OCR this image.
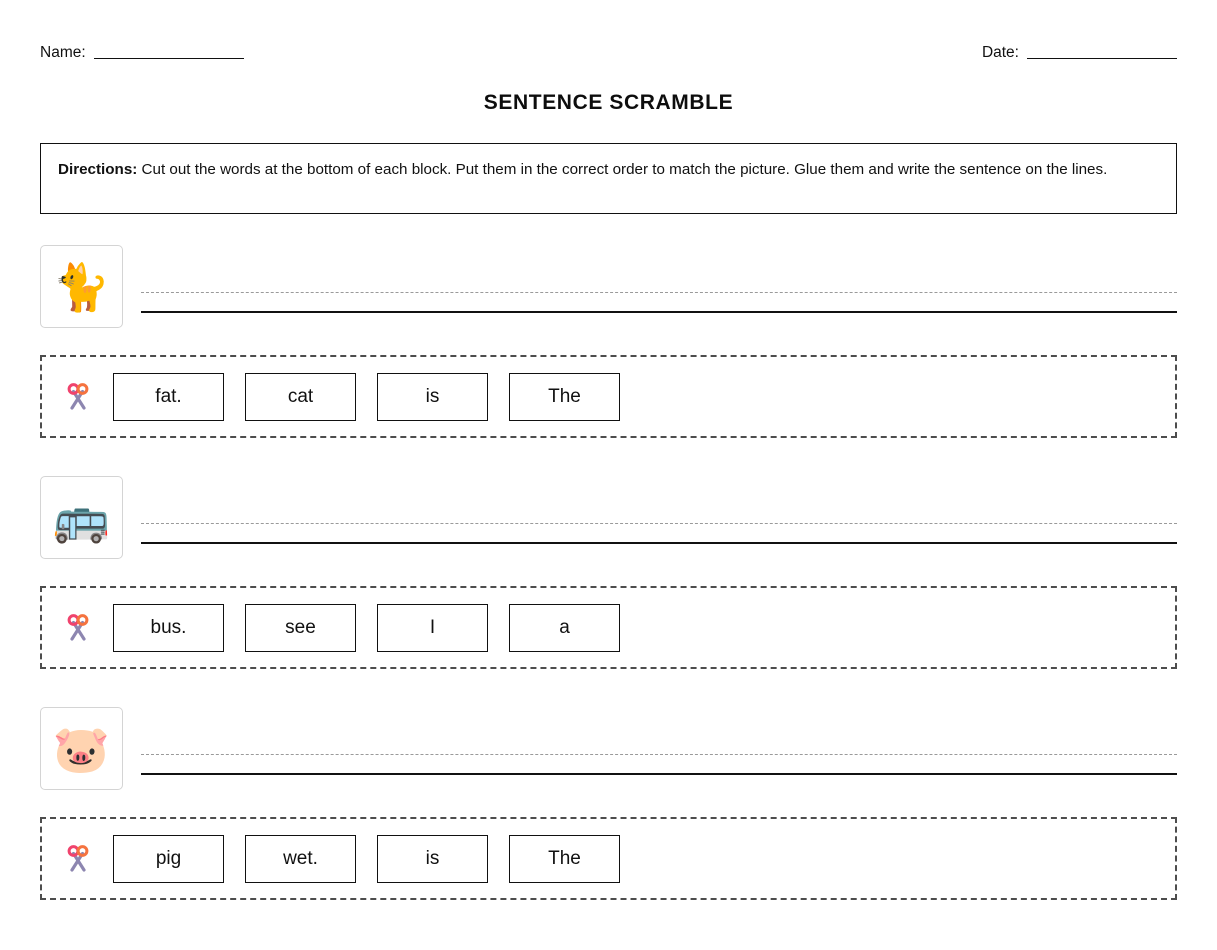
Name:	Date:
SENTENCE SCRAMBLE
Directions: Cut out the words at the bottom of each block. Put them in the correct order to match the picture. Glue them and write the sentence on the lines.
🐈
fat.	cat	is	The
🚌
bus.	see	I	a
🐷
pig	wet.	is	The
